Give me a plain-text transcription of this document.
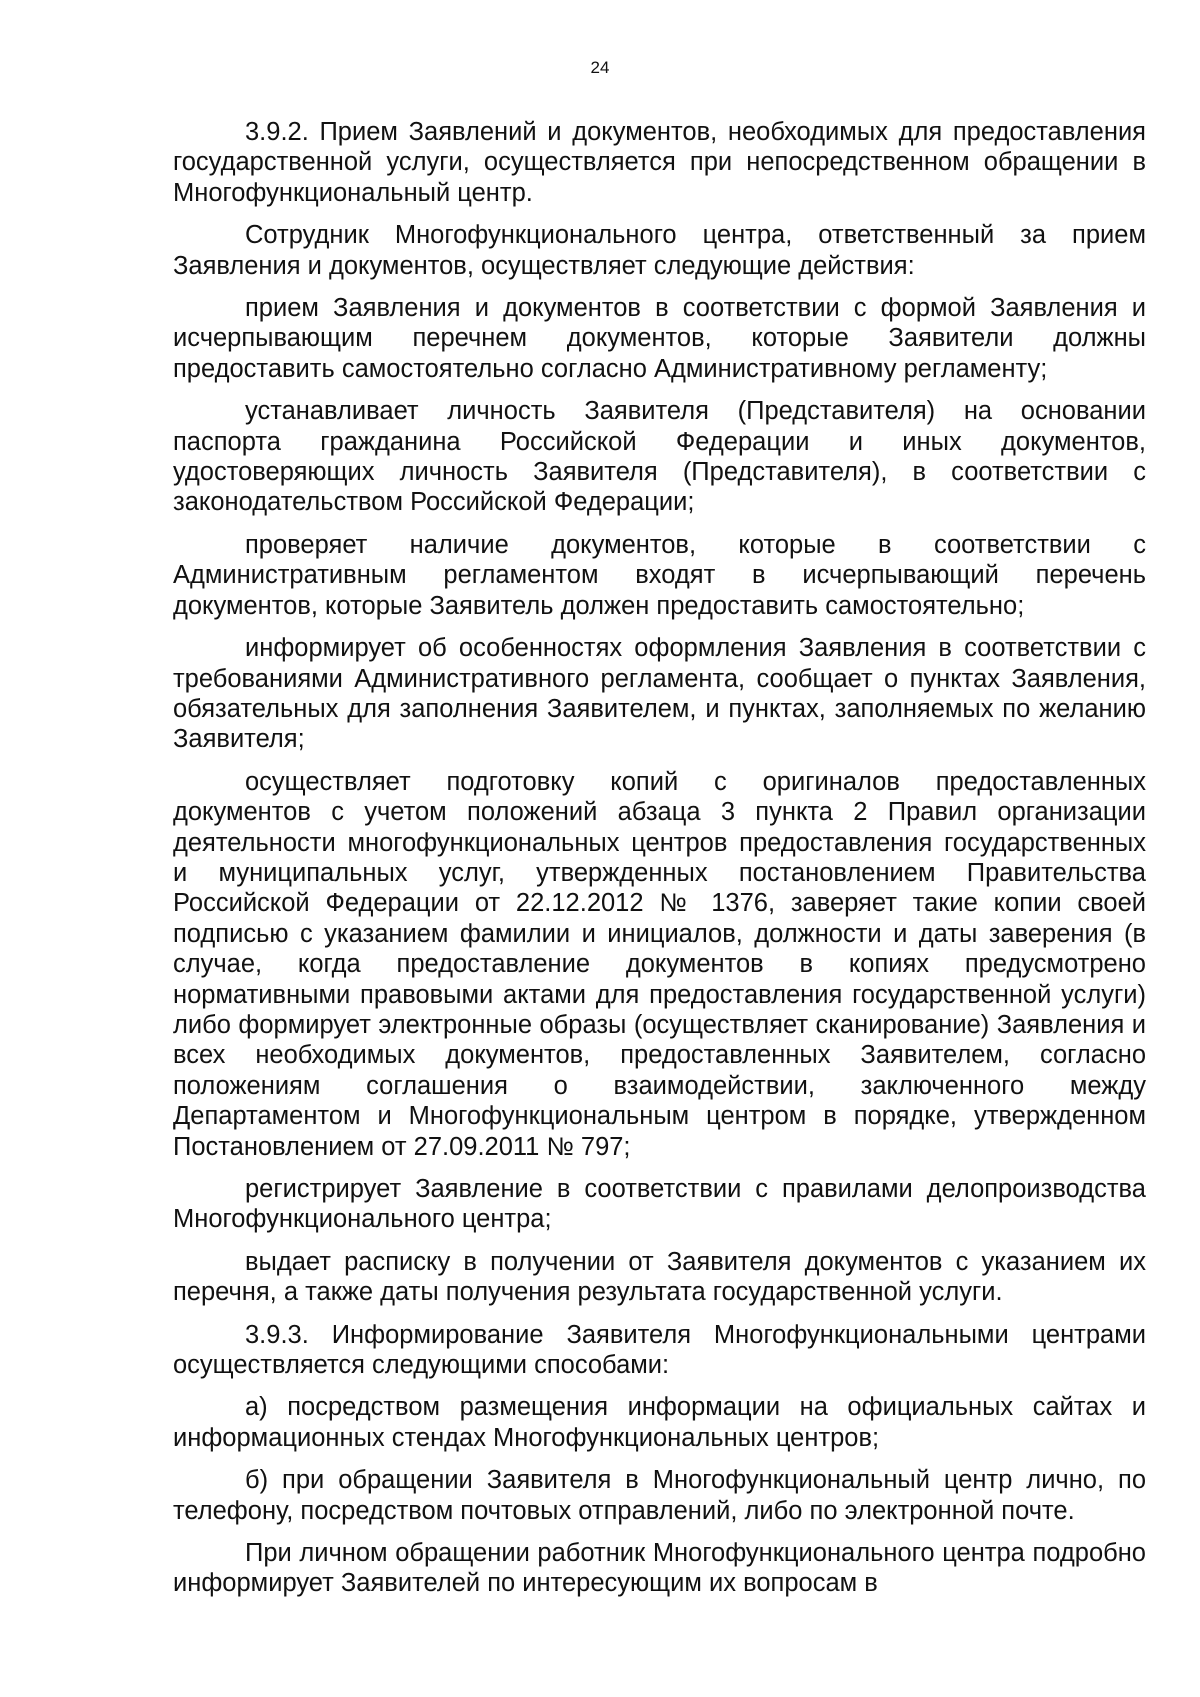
24

3.9.2. Прием Заявлений и документов, необходимых для предоставления государственной услуги, осуществляется при непосредственном обращении в Многофункциональный центр.

Сотрудник Многофункционального центра, ответственный за прием Заявления и документов, осуществляет следующие действия:

прием Заявления и документов в соответствии с формой Заявления и исчерпывающим перечнем документов, которые Заявители должны предоставить самостоятельно согласно Административному регламенту;

устанавливает личность Заявителя (Представителя) на основании паспорта гражданина Российской Федерации и иных документов, удостоверяющих личность Заявителя (Представителя), в соответствии с законодательством Российской Федерации;

проверяет наличие документов, которые в соответствии с Административным регламентом входят в исчерпывающий перечень документов, которые Заявитель должен предоставить самостоятельно;

информирует об особенностях оформления Заявления в соответствии с требованиями Административного регламента, сообщает о пунктах Заявления, обязательных для заполнения Заявителем, и пунктах, заполняемых по желанию Заявителя;

осуществляет подготовку копий с оригиналов предоставленных документов с учетом положений абзаца 3 пункта 2 Правил организации деятельности многофункциональных центров предоставления государственных и муниципальных услуг, утвержденных постановлением Правительства Российской Федерации от 22.12.2012 № 1376, заверяет такие копии своей подписью с указанием фамилии и инициалов, должности и даты заверения (в случае, когда предоставление документов в копиях предусмотрено нормативными правовыми актами для предоставления государственной услуги) либо формирует электронные образы (осуществляет сканирование) Заявления и всех необходимых документов, предоставленных Заявителем, согласно положениям соглашения о взаимодействии, заключенного между Департаментом и Многофункциональным центром в порядке, утвержденном Постановлением от 27.09.2011 № 797;

регистрирует Заявление в соответствии с правилами делопроизводства Многофункционального центра;

выдает расписку в получении от Заявителя документов с указанием их перечня, а также даты получения результата государственной услуги.

3.9.3. Информирование Заявителя Многофункциональными центрами осуществляется следующими способами:

а) посредством размещения информации на официальных сайтах и информационных стендах Многофункциональных центров;

б) при обращении Заявителя в Многофункциональный центр лично, по телефону, посредством почтовых отправлений, либо по электронной почте.

При личном обращении работник Многофункционального центра подробно информирует Заявителей по интересующим их вопросам в
